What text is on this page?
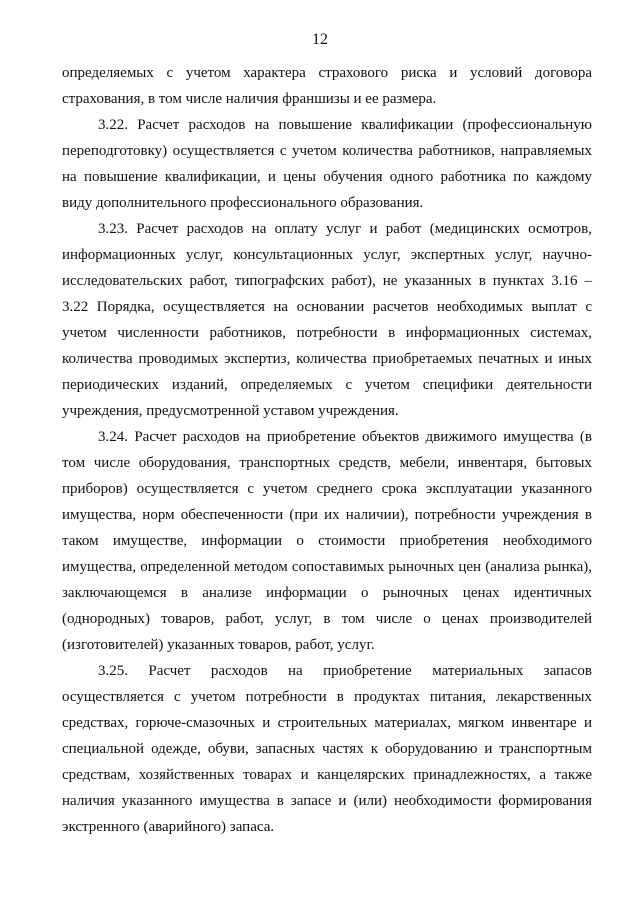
12

определяемых с учетом характера страхового риска и условий договора страхования, в том числе наличия франшизы и ее размера.

3.22. Расчет расходов на повышение квалификации (профессиональную переподготовку) осуществляется с учетом количества работников, направляемых на повышение квалификации, и цены обучения одного работника по каждому виду дополнительного профессионального образования.

3.23. Расчет расходов на оплату услуг и работ (медицинских осмотров, информационных услуг, консультационных услуг, экспертных услуг, научно-исследовательских работ, типографских работ), не указанных в пунктах 3.16 – 3.22 Порядка, осуществляется на основании расчетов необходимых выплат с учетом численности работников, потребности в информационных системах, количества проводимых экспертиз, количества приобретаемых печатных и иных периодических изданий, определяемых с учетом специфики деятельности учреждения, предусмотренной уставом учреждения.

3.24. Расчет расходов на приобретение объектов движимого имущества (в том числе оборудования, транспортных средств, мебели, инвентаря, бытовых приборов) осуществляется с учетом среднего срока эксплуатации указанного имущества, норм обеспеченности (при их наличии), потребности учреждения в таком имуществе, информации о стоимости приобретения необходимого имущества, определенной методом сопоставимых рыночных цен (анализа рынка), заключающемся в анализе информации о рыночных ценах идентичных (однородных) товаров, работ, услуг, в том числе о ценах производителей (изготовителей) указанных товаров, работ, услуг.

3.25. Расчет расходов на приобретение материальных запасов осуществляется с учетом потребности в продуктах питания, лекарственных средствах, горюче-смазочных и строительных материалах, мягком инвентаре и специальной одежде, обуви, запасных частях к оборудованию и транспортным средствам, хозяйственных товарах и канцелярских принадлежностях, а также наличия указанного имущества в запасе и (или) необходимости формирования экстренного (аварийного) запаса.
